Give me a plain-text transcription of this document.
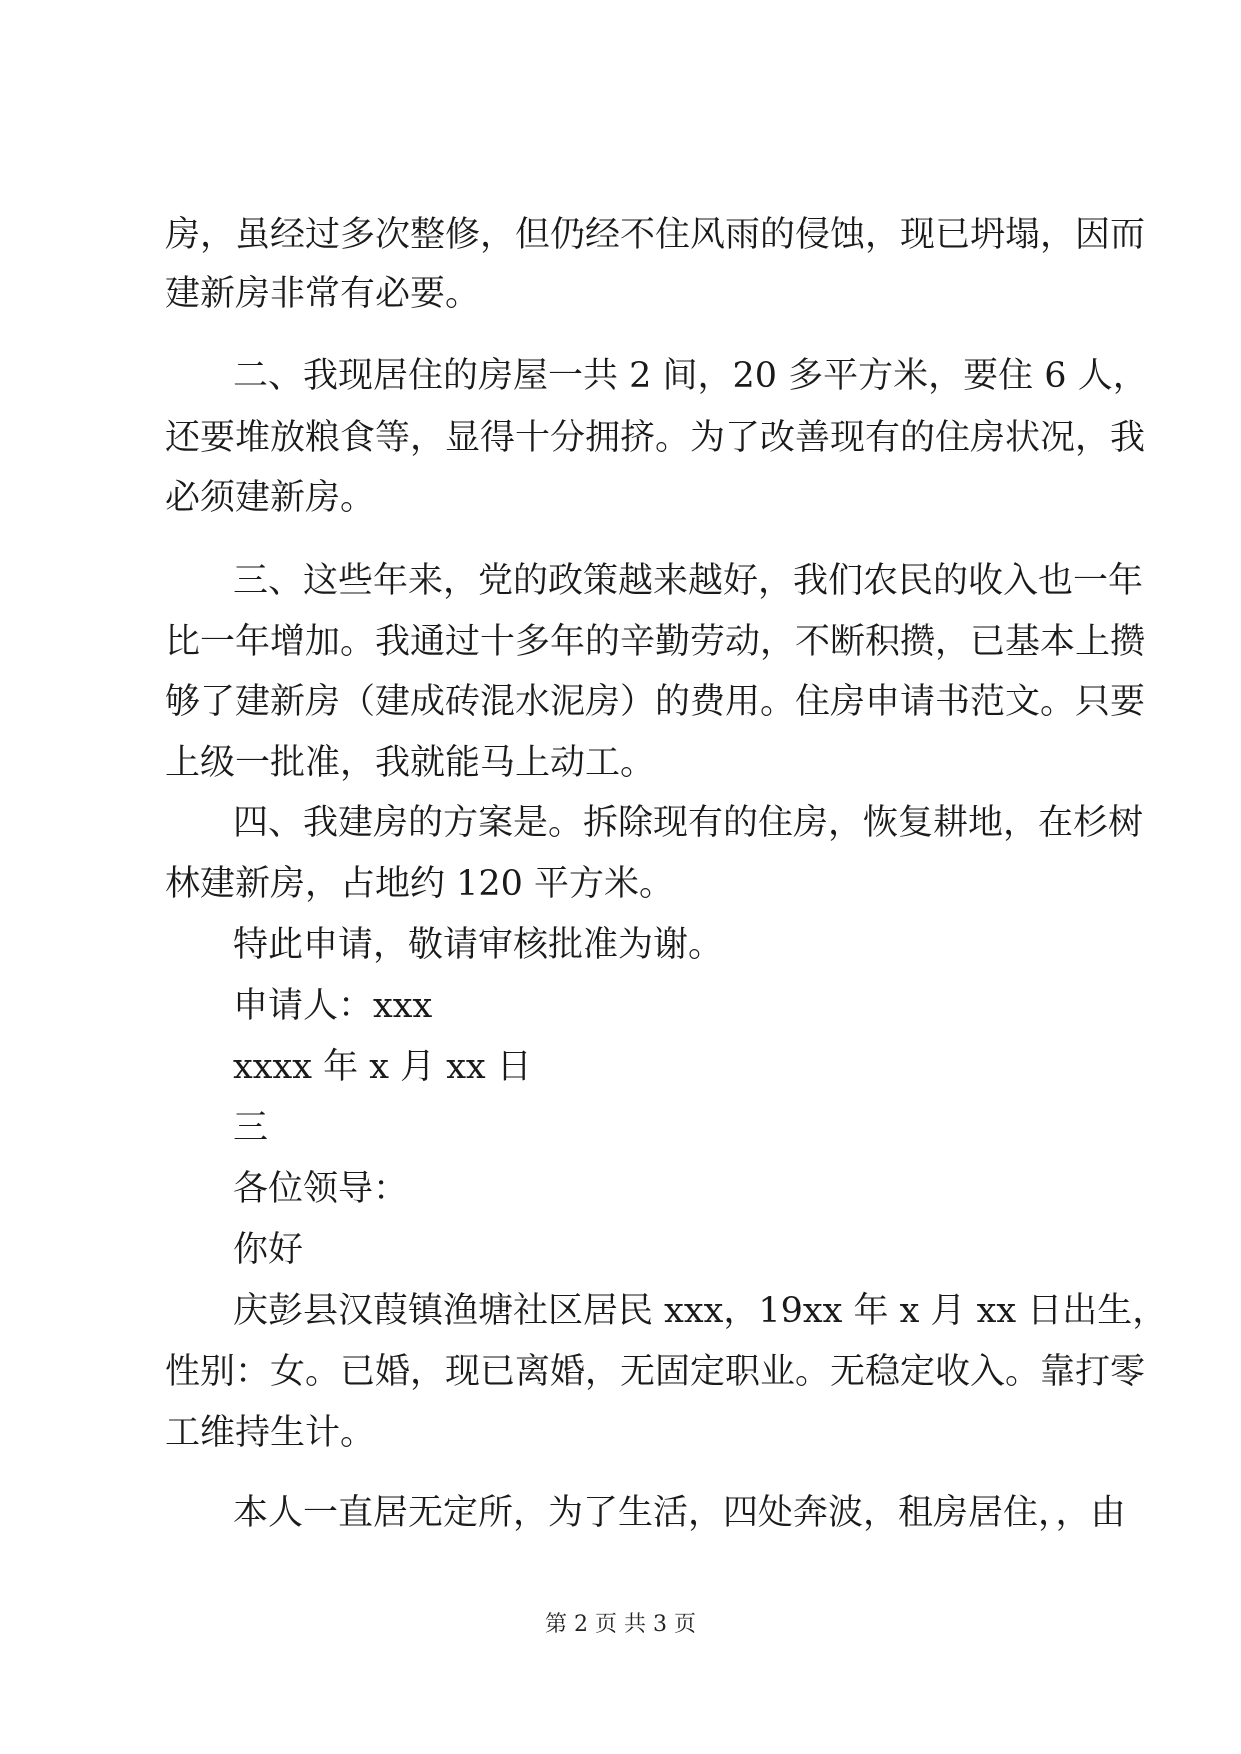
房，虽经过多次整修，但仍经不住风雨的侵蚀，现已坍塌，因而

建新房非常有必要。

二、我现居住的房屋一共 2 间，20 多平方米，要住 6 人，

还要堆放粮食等，显得十分拥挤。为了改善现有的住房状况，我

必须建新房。

三、这些年来，党的政策越来越好，我们农民的收入也一年

比一年增加。我通过十多年的辛勤劳动，不断积攒，已基本上攒

够了建新房（建成砖混水泥房）的费用。住房申请书范文。只要

上级一批准，我就能马上动工。

四、我建房的方案是。拆除现有的住房，恢复耕地，在杉树

林建新房，占地约 120 平方米。

特此申请，敬请审核批准为谢。

申请人：xxx

xxxx 年 x 月 xx 日

三

各位领导：

你好

庆彭县汉葭镇渔塘社区居民 xxx，19xx 年 x 月 xx 日出生，

性别：女。已婚，现已离婚，无固定职业。无稳定收入。靠打零

工维持生计。

本人一直居无定所，为了生活，四处奔波，租房居住，，由

第 2 页 共 3 页
